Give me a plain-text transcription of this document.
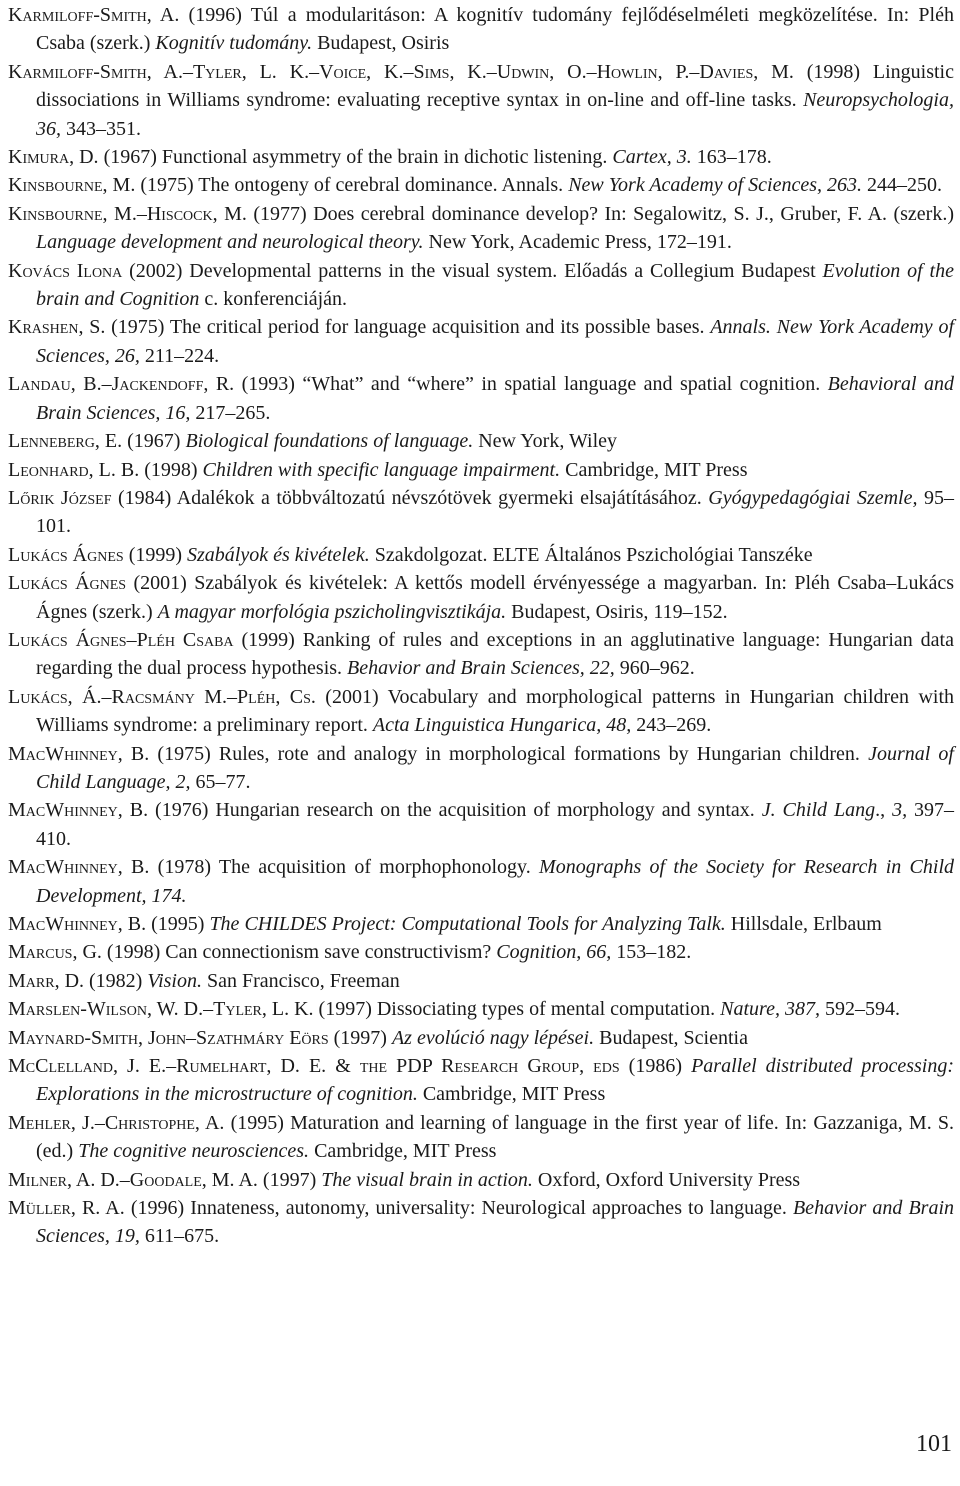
Karmiloff-Smith, A. (1996) Túl a modularitáson: A kognitív tudomány fejlődéselméleti megközelítése. In: Pléh Csaba (szerk.) Kognitív tudomány. Budapest, Osiris

Karmiloff-Smith, A.–Tyler, L. K.–Voice, K.–Sims, K.–Udwin, O.–Howlin, P.–Davies, M. (1998) Linguistic dissociations in Williams syndrome: evaluating receptive syntax in on-line and off-line tasks. Neuropsychologia, 36, 343–351.

Kimura, D. (1967) Functional asymmetry of the brain in dichotic listening. Cartex, 3. 163–178.

Kinsbourne, M. (1975) The ontogeny of cerebral dominance. Annals. New York Academy of Sciences, 263. 244–250.

Kinsbourne, M.–Hiscock, M. (1977) Does cerebral dominance develop? In: Segalowitz, S. J., Gruber, F. A. (szerk.) Language development and neurological theory. New York, Academic Press, 172–191.

Kovács Ilona (2002) Developmental patterns in the visual system. Előadás a Collegium Budapest Evolution of the brain and Cognition c. konferenciáján.

Krashen, S. (1975) The critical period for language acquisition and its possible bases. Annals. New York Academy of Sciences, 26, 211–224.

Landau, B.–Jackendoff, R. (1993) “What” and “where” in spatial language and spatial cognition. Behavioral and Brain Sciences, 16, 217–265.

Lenneberg, E. (1967) Biological foundations of language. New York, Wiley

Leonhard, L. B. (1998) Children with specific language impairment. Cambridge, MIT Press

Lőrik József (1984) Adalékok a többváltozatú névszótövek gyermeki elsajátításához. Gyógypedagógiai Szemle, 95–101.

Lukács Ágnes (1999) Szabályok és kivételek. Szakdolgozat. ELTE Általános Pszichológiai Tanszéke

Lukács Ágnes (2001) Szabályok és kivételek: A kettős modell érvényessége a magyarban. In: Pléh Csaba–Lukács Ágnes (szerk.) A magyar morfológia pszicholingvisztikája. Budapest, Osiris, 119–152.

Lukács Ágnes–Pléh Csaba (1999) Ranking of rules and exceptions in an agglutinative language: Hungarian data regarding the dual process hypothesis. Behavior and Brain Sciences, 22, 960–962.

Lukács, Á.–Racsmány M.–Pléh, Cs. (2001) Vocabulary and morphological patterns in Hungarian children with Williams syndrome: a preliminary report. Acta Linguistica Hungarica, 48, 243–269.

MacWhinney, B. (1975) Rules, rote and analogy in morphological formations by Hungarian children. Journal of Child Language, 2, 65–77.

MacWhinney, B. (1976) Hungarian research on the acquisition of morphology and syntax. J. Child Lang., 3, 397–410.

MacWhinney, B. (1978) The acquisition of morphophonology. Monographs of the Society for Research in Child Development, 174.

MacWhinney, B. (1995) The CHILDES Project: Computational Tools for Analyzing Talk. Hillsdale, Erlbaum

Marcus, G. (1998) Can connectionism save constructivism? Cognition, 66, 153–182.

Marr, D. (1982) Vision. San Francisco, Freeman

Marslen-Wilson, W. D.–Tyler, L. K. (1997) Dissociating types of mental computation. Nature, 387, 592–594.

Maynard-Smith, John–Szathmáry Eörs (1997) Az evolúció nagy lépései. Budapest, Scientia

McClelland, J. E.–Rumelhart, D. E. & the PDP Research Group, eds (1986) Parallel distributed processing: Explorations in the microstructure of cognition. Cambridge, MIT Press

Mehler, J.–Christophe, A. (1995) Maturation and learning of language in the first year of life. In: Gazzaniga, M. S. (ed.) The cognitive neurosciences. Cambridge, MIT Press

Milner, A. D.–Goodale, M. A. (1997) The visual brain in action. Oxford, Oxford University Press

Müller, R. A. (1996) Innateness, autonomy, universality: Neurological approaches to language. Behavior and Brain Sciences, 19, 611–675.

101
